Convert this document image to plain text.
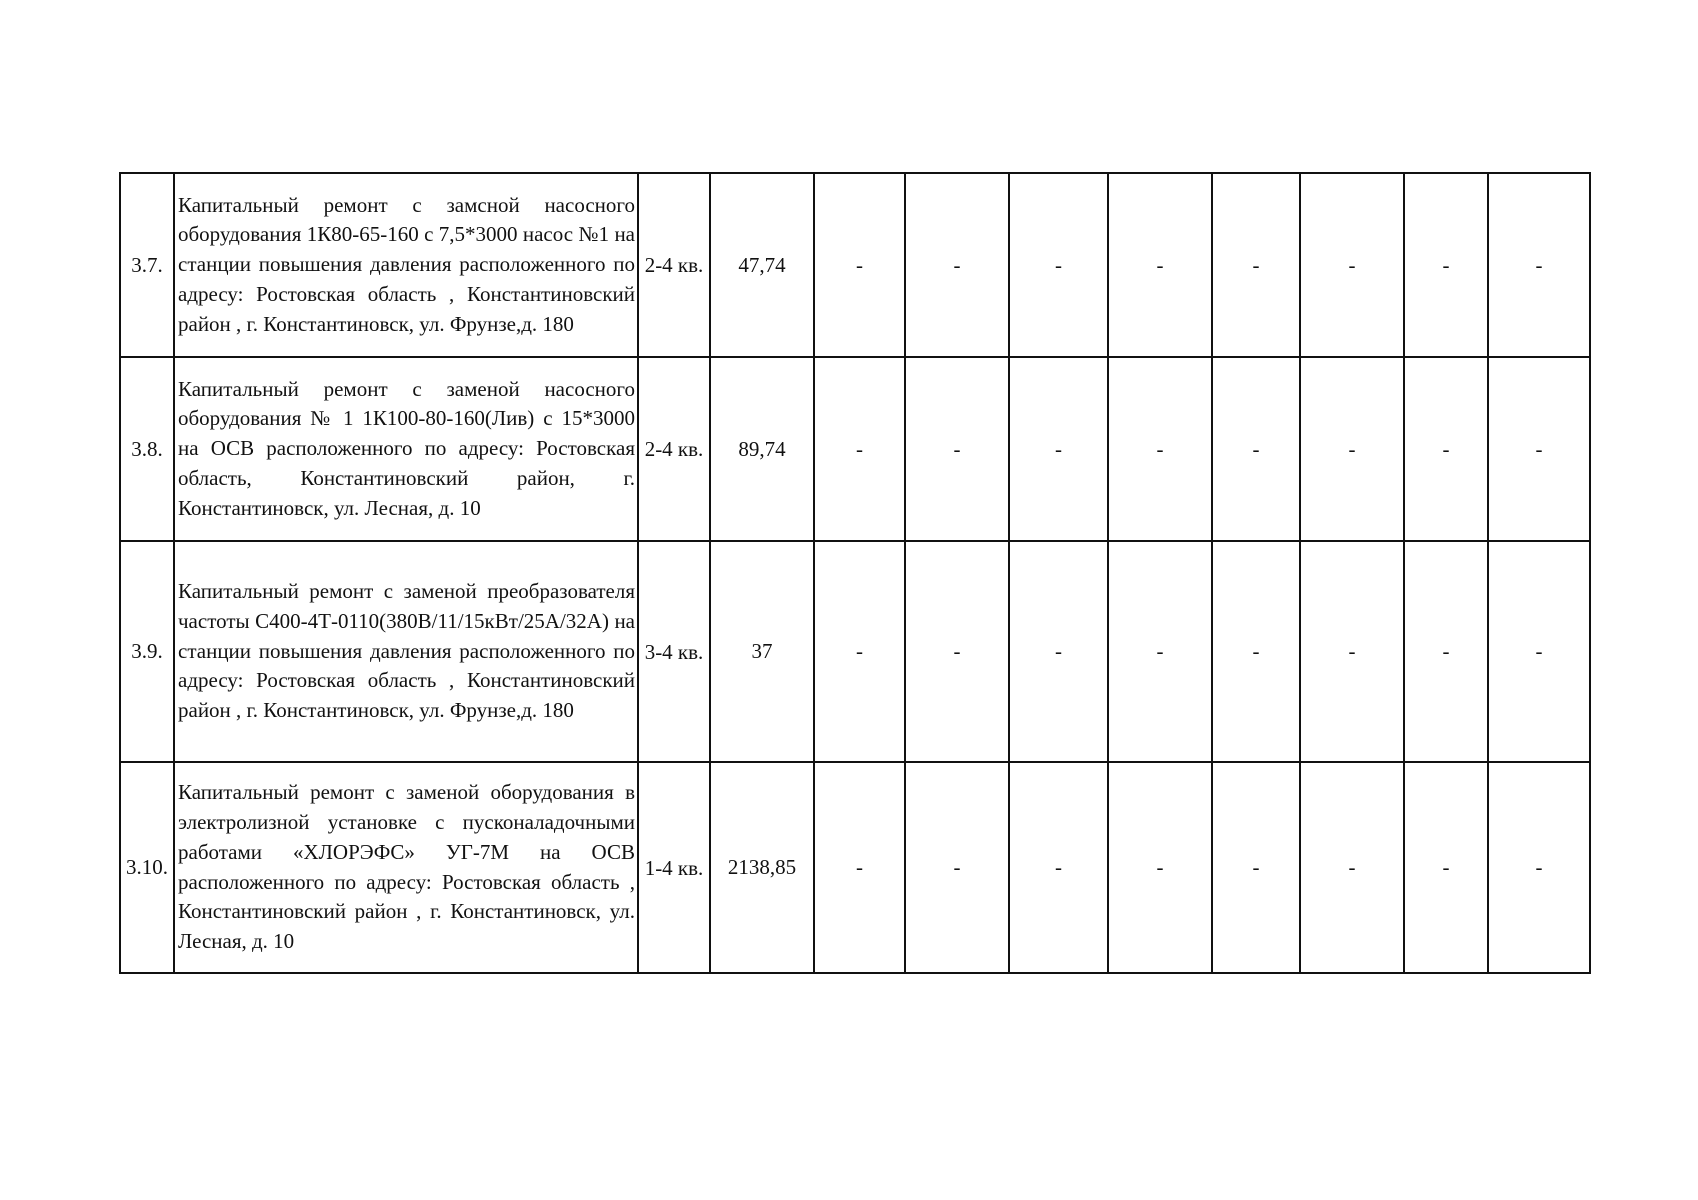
3.7.	Капитальный ремонт с замсной насосного оборудования 1К80-65-160 с 7,5*3000 насос №1 на станции повышения давления расположенного по адресу: Ростовская область , Константиновский район , г. Константиновск, ул. Фрунзе,д. 180	2-4 кв.	47,74	-	-	-	-	-	-	-	-
3.8.	Капитальный ремонт с заменой насосного оборудования № 1 1К100-80-160(Лив) с 15*3000 на ОСВ расположенного по адресу: Ростовская область, Константиновский район, г. Константиновск, ул. Лесная, д. 10	2-4 кв.	89,74	-	-	-	-	-	-	-	-
3.9.	Капитальный ремонт с заменой преобразователя частоты С400-4Т-0110(380В/11/15кВт/25А/32А) на станции повышения давления расположенного по адресу: Ростовская область , Константиновский район , г. Константиновск, ул. Фрунзе,д. 180	3-4 кв.	37	-	-	-	-	-	-	-	-
3.10.	Капитальный ремонт с заменой оборудования в электролизной установке с пусконаладочными работами «ХЛОРЭФС» УГ-7М на ОСВ расположенного по адресу: Ростовская область , Константиновский район , г. Константиновск, ул. Лесная, д. 10	1-4 кв.	2138,85	-	-	-	-	-	-	-	-
